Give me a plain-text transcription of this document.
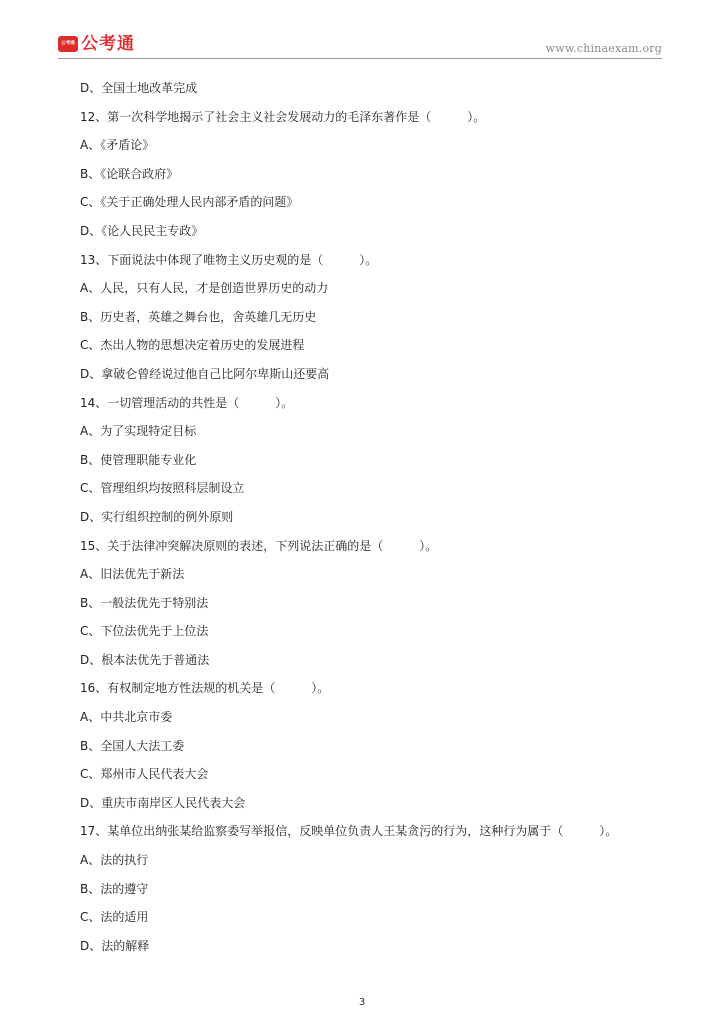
公考通 公考通	www.chinaexam.org
D、全国土地改革完成
12、第一次科学地揭示了社会主义社会发展动力的毛泽东著作是（　　　）。
A、《矛盾论》
B、《论联合政府》
C、《关于正确处理人民内部矛盾的问题》
D、《论人民民主专政》
13、下面说法中体现了唯物主义历史观的是（　　　）。
A、人民，只有人民，才是创造世界历史的动力
B、历史者，英雄之舞台也，舍英雄几无历史
C、杰出人物的思想决定着历史的发展进程
D、拿破仑曾经说过他自己比阿尔卑斯山还要高
14、一切管理活动的共性是（　　　）。
A、为了实现特定目标
B、使管理职能专业化
C、管理组织均按照科层制设立
D、实行组织控制的例外原则
15、关于法律冲突解决原则的表述，下列说法正确的是（　　　）。
A、旧法优先于新法
B、一般法优先于特别法
C、下位法优先于上位法
D、根本法优先于普通法
16、有权制定地方性法规的机关是（　　　）。
A、中共北京市委
B、全国人大法工委
C、郑州市人民代表大会
D、重庆市南岸区人民代表大会
17、某单位出纳张某给监察委写举报信，反映单位负责人王某贪污的行为，这种行为属于（　　　）。
A、法的执行
B、法的遵守
C、法的适用
D、法的解释
3
